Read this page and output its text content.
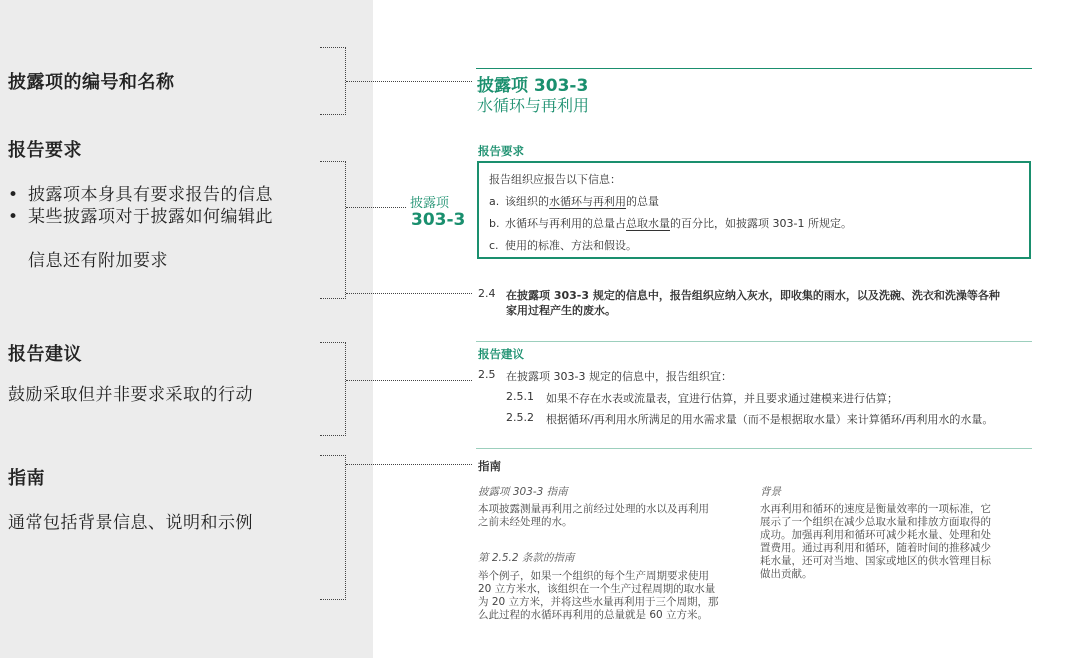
披露项的编号和名称
报告要求
• 披露项本身具有要求报告的信息
• 某些披露项对于披露如何编辑此
信息还有附加要求
报告建议
鼓励采取但并非要求采取的行动
指南
通常包括背景信息、说明和示例
披露项 303-3
水循环与再利用
报告要求
披露项
303-3
报告组织应报告以下信息：
a. 该组织的水循环与再利用的总量
b. 水循环与再利用的总量占总取水量的百分比，如披露项 303-1 所规定。
c. 使用的标准、方法和假设。
2.4 在披露项 303-3 规定的信息中，报告组织应纳入灰水，即收集的雨水，以及洗碗、洗衣和洗澡等各种
家用过程产生的废水。
报告建议
2.5 在披露项 303-3 规定的信息中，报告组织宜：
2.5.1 如果不存在水表或流量表，宜进行估算，并且要求通过建模来进行估算；
2.5.2 根据循环/再利用水所满足的用水需求量（而不是根据取水量）来计算循环/再利用水的水量。
指南
披露项 303-3 指南
本项披露测量再利用之前经过处理的水以及再利用
之前未经处理的水。
第 2.5.2 条款的指南
举个例子，如果一个组织的每个生产周期要求使用
20 立方米水，该组织在一个生产过程周期的取水量
为 20 立方米，并将这些水量再利用于三个周期，那
么此过程的水循环再利用的总量就是 60 立方米。
背景
水再利用和循环的速度是衡量效率的一项标准，它
展示了一个组织在减少总取水量和排放方面取得的
成功。加强再利用和循环可减少耗水量、处理和处
置费用。通过再利用和循环，随着时间的推移减少
耗水量，还可对当地、国家或地区的供水管理目标
做出贡献。
